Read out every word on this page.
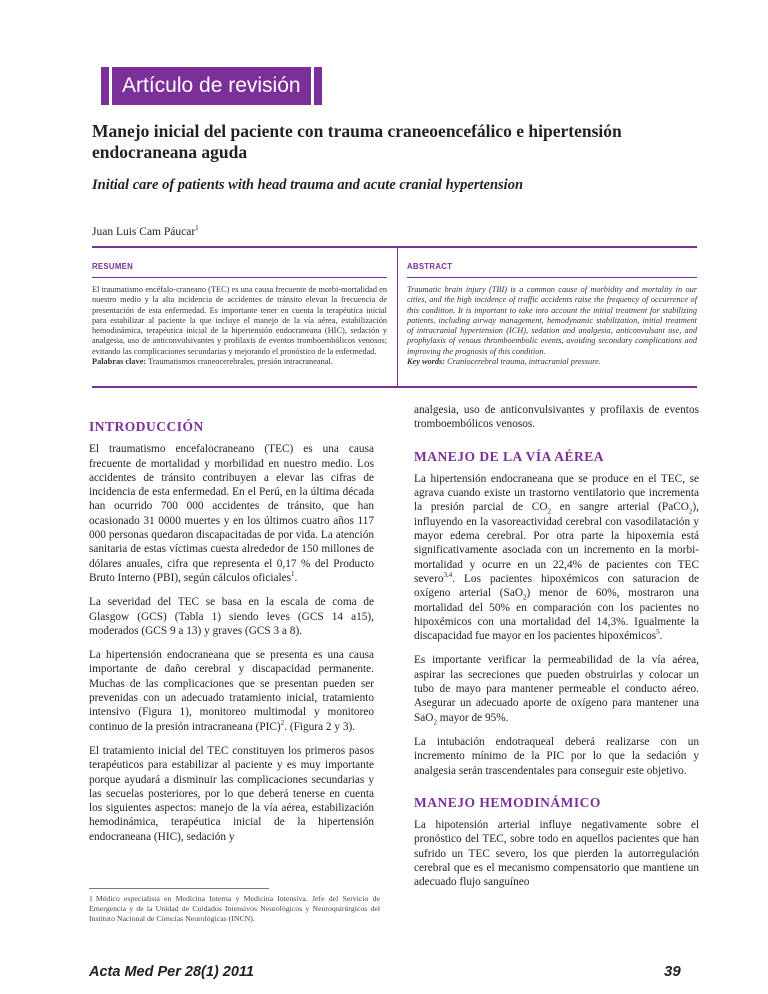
Artículo de revisión
Manejo inicial del paciente con trauma craneoencefálico e hipertensión endocraneana aguda
Initial care of patients with head trauma and acute cranial hypertension
Juan Luis Cam Páucar$^1$
RESUMEN

El traumatismo encéfalo-craneano (TEC) es una causa frecuente de morbi-mortalidad en nuestro medio y la alta incidencia de accidentes de tránsito elevan la frecuencia de presentación de esta enfermedad. Es importante tener en cuenta la terapéutica inicial para estabilizar al paciente la que incluye el manejo de la vía aérea, estabilización hemodinámica, terapéutica inicial de la hipertensión endocraneana (HIC), sedación y analgesia, uso de anticonvulsivantes y profilaxis de eventos tromboembólicos venosos; evitando las complicaciones secundarias y mejorando el pronóstico de la enfermedad.
Palabras clave: Traumatismos craneocerebrales, presión intracraneanal.

ABSTRACT

Traumatic brain injury (TBI) is a common cause of morbidity and mortality in our cities, and the high incidence of traffic accidents raise the frequency of occurrence of this condition. It is important to take into account the initial treatment for stabilizing patients, including airway management, hemodynamic stabilization, initial treatment of intracranial hypertension (ICH), sedation and analgesia, anticonvulsant use, and prophylaxis of venous thromboembolic events, avoiding secondary complications and improving the prognosis of this condition.
Key words: Craniocerebral trauma, intracranial pressure.

INTRODUCCIÓN

El traumatismo encefalocraneano (TEC) es una causa frecuente de mortalidad y morbilidad en nuestro medio. Los accidentes de tránsito contribuyen a elevar las cifras de incidencia de esta enfermedad. En el Perú, en la última década han ocurrido 700 000 accidentes de tránsito, que han ocasionado 31 0000 muertes y en los últimos cuatro años 117 000 personas quedaron discapacitadas de por vida. La atención sanitaria de estas víctimas cuesta alrededor de 150 millones de dólares anuales, cifra que representa el 0,17 % del Producto Bruto Interno (PBI), según cálculos oficiales$^1$.

La severidad del TEC se basa en la escala de coma de Glasgow (GCS) (Tabla 1) siendo leves (GCS 14 a15), moderados (GCS 9 a 13) y graves (GCS 3 a 8).

La hipertensión endocraneana que se presenta es una causa importante de daño cerebral y discapacidad permanente. Muchas de las complicaciones que se presentan pueden ser prevenidas con un adecuado tratamiento inicial, tratamiento intensivo (Figura 1), monitoreo multimodal y monitoreo continuo de la presión intracraneana (PIC)$^2$. (Figura 2 y 3).

El tratamiento inicial del TEC constituyen los primeros pasos terapéuticos para estabilizar al paciente y es muy importante porque ayudará a disminuir las complicaciones secundarias y las secuelas posteriores, por lo que deberá tenerse en cuenta los siguientes aspectos: manejo de la vía aérea, estabilización hemodinámica, terapéutica inicial de la hipertensión endocraneana (HIC), sedación y

analgesia, uso de anticonvulsivantes y profilaxis de eventos tromboembólicos venosos.

MANEJO DE LA VÍA AÉREA

La hipertensión endocraneana que se produce en el TEC, se agrava cuando existe un trastorno ventilatorio que incrementa la presión parcial de $CO_2$ en sangre arterial (PaCO$_2$), influyendo en la vasoreactividad cerebral con vasodilatación y mayor edema cerebral. Por otra parte la hipoxemia está significativamente asociada con un incremento en la morbi-mortalidad y ocurre en un 22,4% de pacientes con TEC severo$^{3,4}$. Los pacientes hipoxémicos con saturacion de oxígeno arterial (SaO$_2$) menor de 60%, mostraron una mortalidad del 50% en comparación con los pacientes no hipoxémicos con una mortalidad del 14,3%. Igualmente la discapacidad fue mayor en los pacientes hipoxémicos$^5$.

Es importante verificar la permeabilidad de la vía aérea, aspirar las secreciones que pueden obstruirlas y colocar un tubo de mayo para mantener permeable el conducto aéreo. Asegurar un adecuado aporte de oxígeno para mantener una SaO$_2$ mayor de 95%.

La intubación endotraqueal deberá realizarse con un incremento mínimo de la PIC por lo que la sedación y analgesia serán trascendentales para conseguir este objetivo.

MANEJO HEMODINÁMICO

La hipotensión arterial influye negativamente sobre el pronóstico del TEC, sobre todo en aquellos pacientes que han sufrido un TEC severo, los que pierden la autorregulación cerebral que es el mecanismo compensatorio que mantiene un adecuado flujo sanguíneo

1 Médico especialista en Medicina Interna y Medicina Intensiva. Jefe del Servicio de Emergencia y de la Unidad de Cuidados Intensivos Neurológicos y Neuroquirúrgicos del Instituto Nacional de Ciencias Neurológicas (INCN).

Acta Med Per 28(1) 2011	39
